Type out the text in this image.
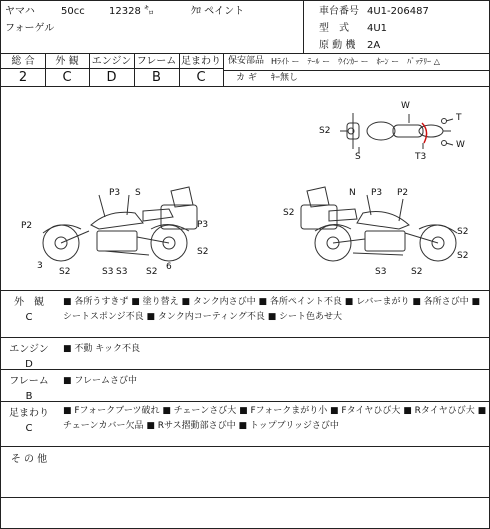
ヤマハ	50cc 12328 ㌔	ｸﾛ ペイント
フォーゲル
車台番号 4U1-206487
型　式 4U1
原 動 機 2A
総 合	外 観	エンジン フレーム 足まわり
2	C	D	B	C
保安部品 Hﾗｲﾄ ー　ﾃｰﾙ ー　ｳｲﾝｶｰ ー　ﾎｰﾝ ー　ﾊﾞｯﾃﾘｰ △
カ ギ ｷｰ無し
W
S2
T
S	T3
W
P3 S
P2	P3
S2
3
S2	S3 S3 S2 6
N P3 P2
S2
S2
S2
S3	S2
外　観
C
■ 各所うすきず ■ 塗り替え ■ タンク内さび中 ■ 各所ペイント不良 ■ レバーまがり ■ 各所さび中 ■ シートスポンジ不良 ■ タンク内コーティング不良 ■ シート色あせ大
エンジン
D
■ 不動 キック不良
フレーム
B
■ フレームさび中
足まわり
C
■ Fフォークブーツ破れ ■ チェーンさび大 ■ Fフォークまがり小 ■ Fタイヤひび大 ■ Rタイヤひび大 ■ チェーンカバー欠品 ■ Rサス摺動部さび中 ■ トップブリッジさび中
そ の 他
